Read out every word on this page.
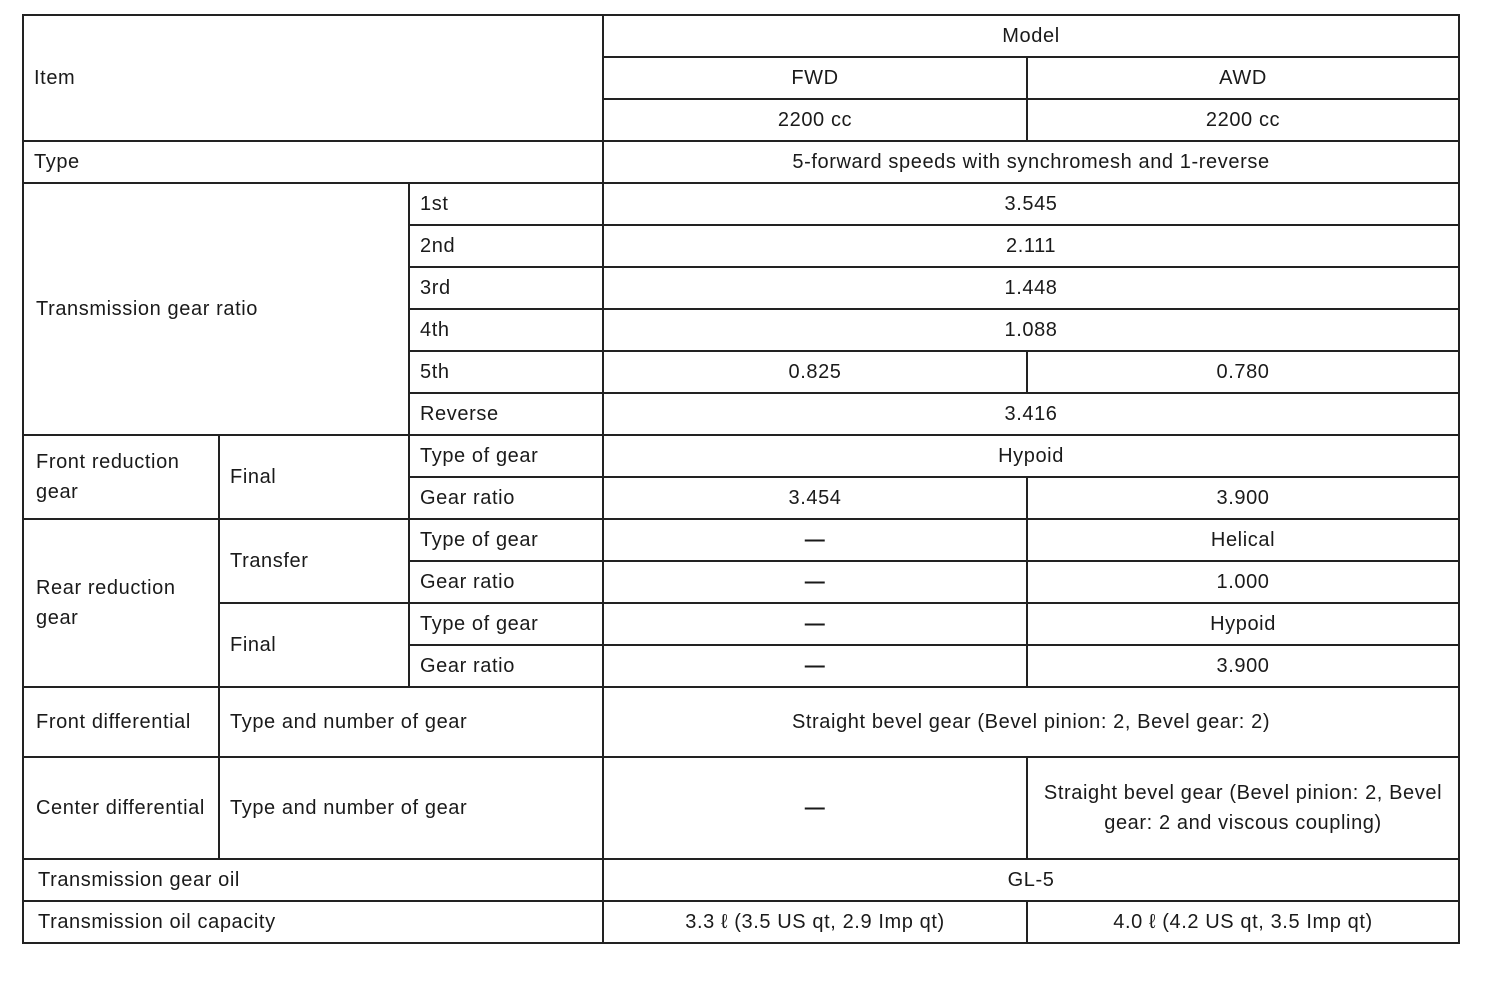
Item			Model	
			FWD	AWD
			2200 cc	2200 cc
Type			5-forward speeds with synchromesh and 1-reverse	
Transmission gear ratio		1st	3.545	
		2nd	2.111	
		3rd	1.448	
		4th	1.088	
		5th	0.825	0.780
		Reverse	3.416	
Front reduction gear	Final	Type of gear	Hypoid	
		Gear ratio	3.454	3.900
Rear reduction gear	Transfer	Type of gear	—	Helical
		Gear ratio	—	1.000
	Final	Type of gear	—	Hypoid
		Gear ratio	—	3.900
Front differential	Type and number of gear		Straight bevel gear (Bevel pinion: 2, Bevel gear: 2)	
Center differential	Type and number of gear		—	Straight bevel gear (Bevel pinion: 2, Bevel gear: 2 and viscous coupling)
Transmission gear oil			GL-5	
Transmission oil capacity			3.3 ℓ (3.5 US qt, 2.9 Imp qt)	4.0 ℓ (4.2 US qt, 3.5 Imp qt)
